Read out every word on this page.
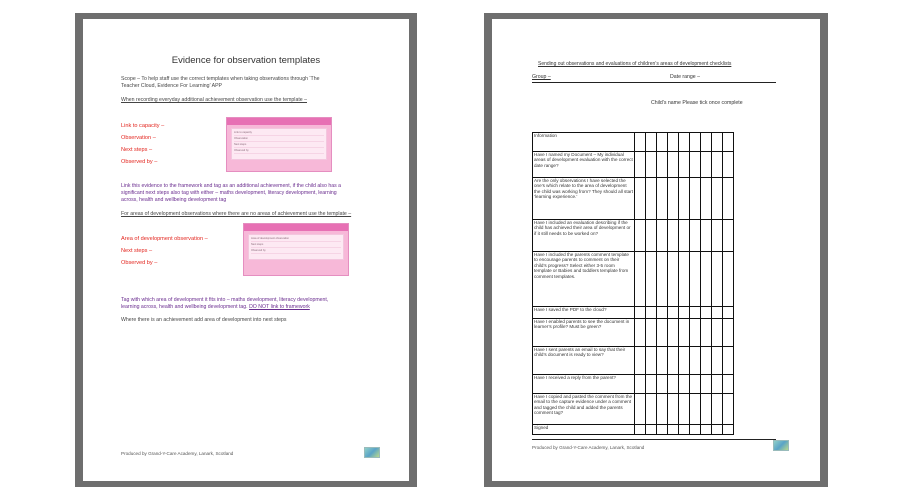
Evidence for observation templates
Scope – To help staff use the correct templates when taking observations through ‘The
Teacher Cloud, Evidence For Learning’ APP
When recording everyday additional achievement observation use the template –
Link to capacity –
Observation –
Next steps –
Observed by –
Link to capacity
Observation
Next steps
Observed by
Link this evidence to the framework and tag as an additional achievement, if the child also has a
significant next steps also tag with either – maths development, literacy development, learning
across, health and wellbeing development tag
For areas of development observations where there are no areas of achievement use the template –
Area of development observation –
Next steps –
Observed by –
Area of development observation
Next steps
Observed by
Tag with which area of development it fits into – maths development, literacy development,
learning across, health and wellbeing development tag. DO NOT link to framework
Where there is an achievement add area of development into next steps
Produced by Grand-Y-Care Academy, Lanark, Scotland
Sending out observations and evaluations of children’s areas of development checklists
Group –	Date range –
Child’s name Please tick once complete
Information									
Have I named my Document – My individual areas of development evaluation with the correct date range?									
Are the only observations I have selected the one’s which relate to the area of development the child was working from? They should all start ‘learning experience.’									
Have I included an evaluation describing if the child has achieved their area of development or if it still needs to be worked on?									
Have I included the parents comment template to encourage parents to comment on their child’s progress? Select either 3-5 room template or Babies and toddlers template from comment templates.									
Have I saved the PDF to the cloud?									
Have I enabled parents to see the document in learner’s profile? Must be green?									
Have I sent parents an email to say that their child’s document is ready to view?									
Have I received a reply from the parent?									
Have I copied and pasted the comment from the email to the capture evidence under a comment and tagged the child and added the parents comment tag?									
Signed									
Produced by Grand-Y-Care Academy, Lanark, Scotland
